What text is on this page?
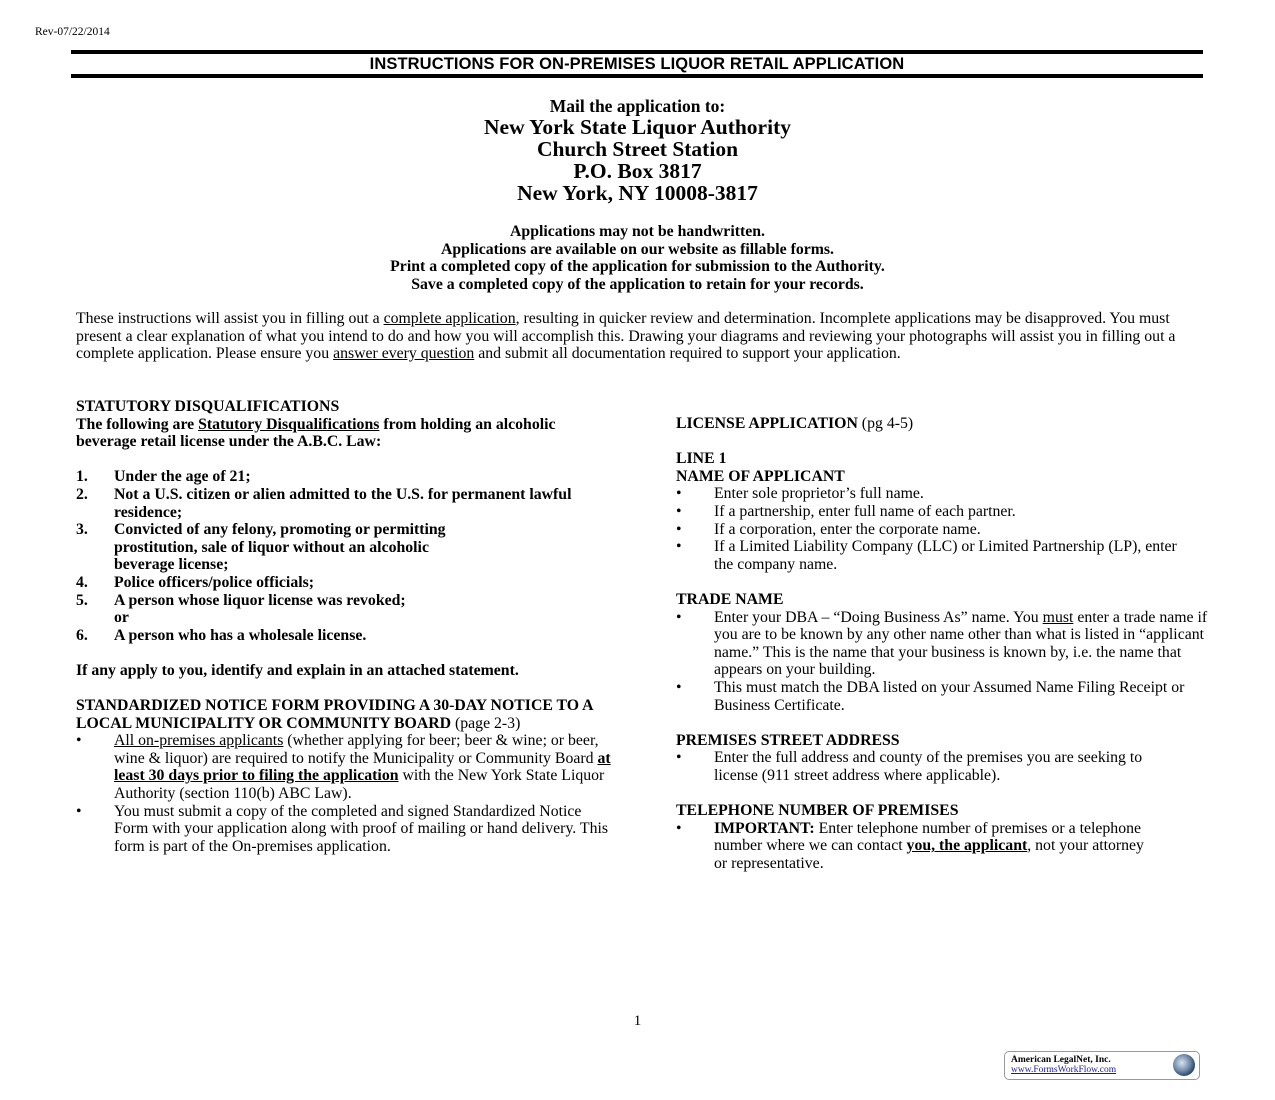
Rev-07/22/2014
INSTRUCTIONS FOR ON-PREMISES LIQUOR RETAIL APPLICATION
Mail the application to:
New York State Liquor Authority
Church Street Station
P.O. Box 3817
New York, NY 10008-3817
Applications may not be handwritten.
Applications are available on our website as fillable forms.
Print a completed copy of the application for submission to the Authority.
Save a completed copy of the application to retain for your records.
These instructions will assist you in filling out a complete application, resulting in quicker review and determination. Incomplete applications may be disapproved. You must present a clear explanation of what you intend to do and how you will accomplish this. Drawing your diagrams and reviewing your photographs will assist you in filling out a complete application. Please ensure you answer every question and submit all documentation required to support your application.
STATUTORY DISQUALIFICATIONS
The following are Statutory Disqualifications from holding an alcoholic beverage retail license under the A.B.C. Law:
1.	Under the age of 21;
2.	Not a U.S. citizen or alien admitted to the U.S. for permanent lawful residence;
3.	Convicted of any felony, promoting or permitting prostitution, sale of liquor without an alcoholic beverage license;
4.	Police officers/police officials;
5.	A person whose liquor license was revoked;
or
6.	A person who has a wholesale license.
If any apply to you, identify and explain in an attached statement.
STANDARDIZED NOTICE FORM PROVIDING A 30-DAY NOTICE TO A LOCAL MUNICIPALITY OR COMMUNITY BOARD (page 2-3)
•	All on-premises applicants (whether applying for beer; beer & wine; or beer, wine & liquor) are required to notify the Municipality or Community Board at least 30 days prior to filing the application with the New York State Liquor Authority (section 110(b) ABC Law).
•	You must submit a copy of the completed and signed Standardized Notice Form with your application along with proof of mailing or hand delivery. This form is part of the On-premises application.
LICENSE APPLICATION (pg 4-5)
LINE 1
NAME OF APPLICANT
•	Enter sole proprietor’s full name.
•	If a partnership, enter full name of each partner.
•	If a corporation, enter the corporate name.
•	If a Limited Liability Company (LLC) or Limited Partnership (LP), enter the company name.
TRADE NAME
•	Enter your DBA – “Doing Business As” name. You must enter a trade name if you are to be known by any other name other than what is listed in “applicant name.” This is the name that your business is known by, i.e. the name that appears on your building.
•	This must match the DBA listed on your Assumed Name Filing Receipt or Business Certificate.
PREMISES STREET ADDRESS
•	Enter the full address and county of the premises you are seeking to license (911 street address where applicable).
TELEPHONE NUMBER OF PREMISES
•	IMPORTANT: Enter telephone number of premises or a telephone number where we can contact you, the applicant, not your attorney or representative.
1
American LegalNet, Inc.
www.FormsWorkFlow.com
